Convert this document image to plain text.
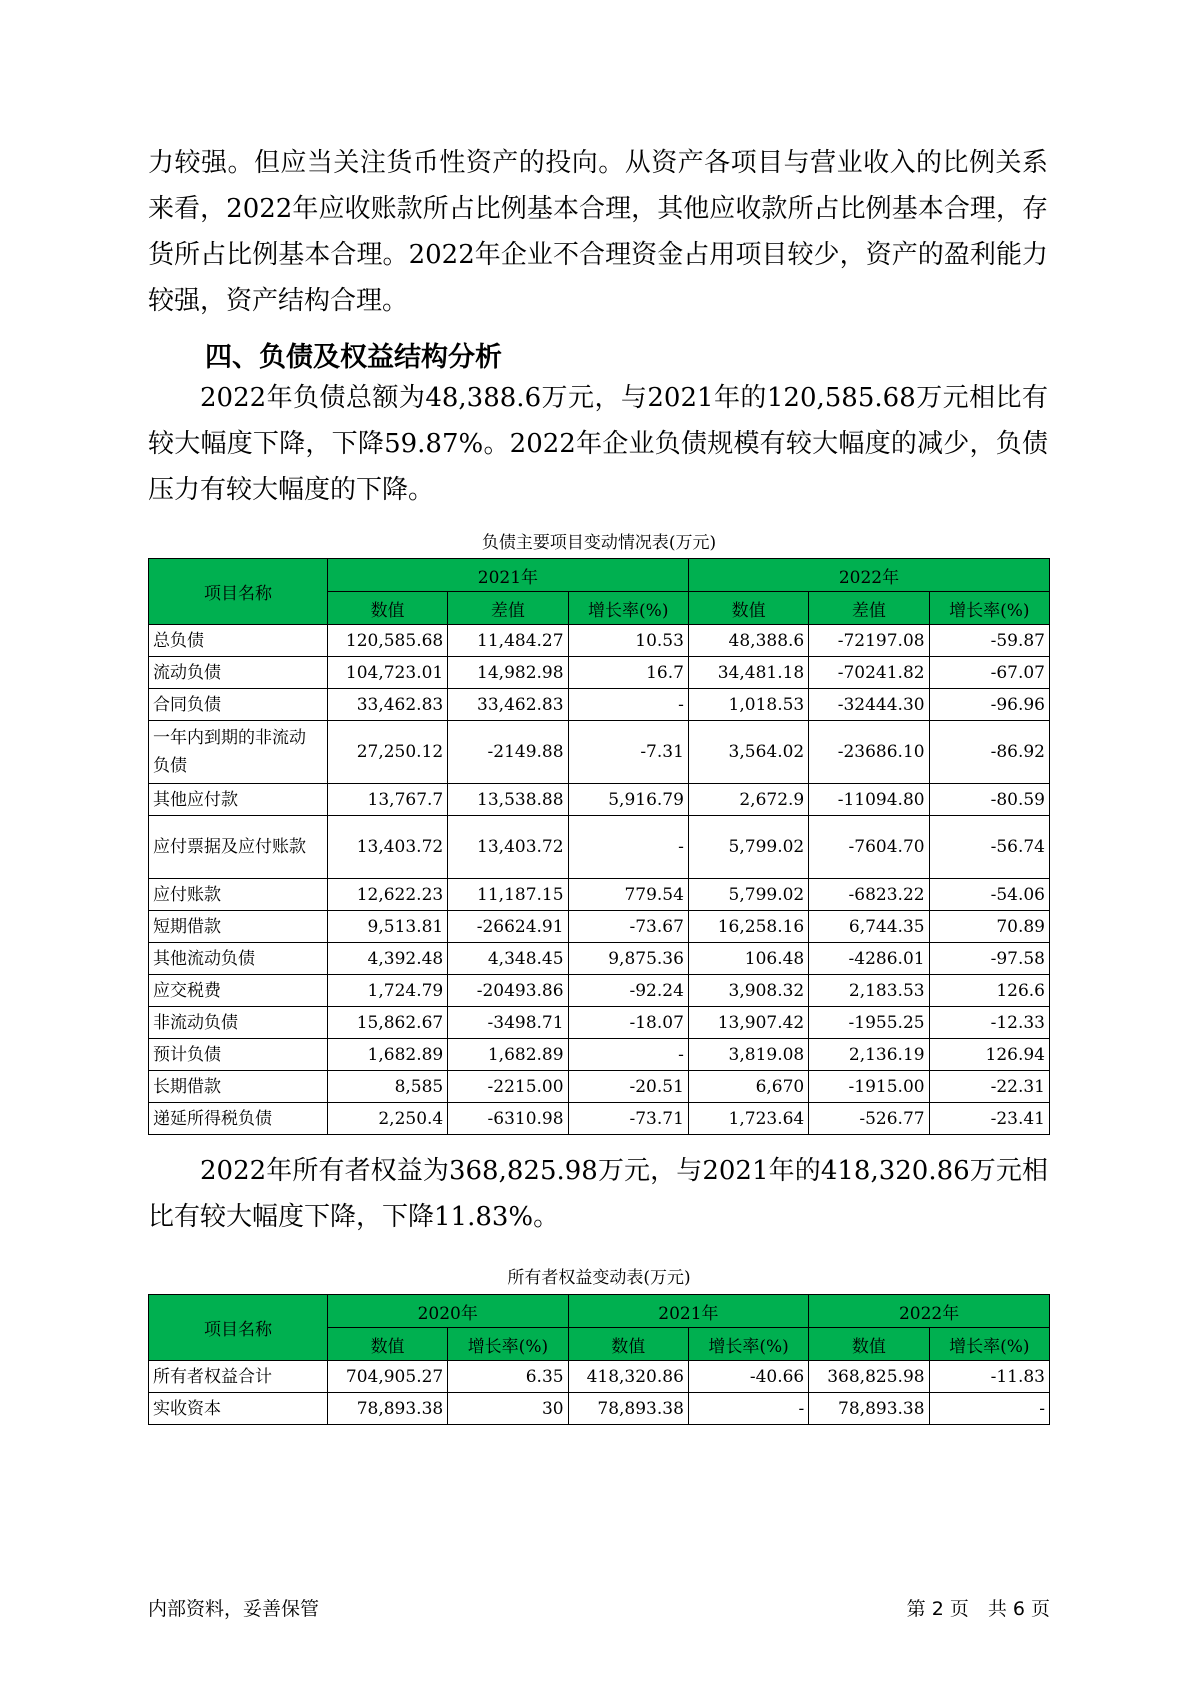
力较强。但应当关注货币性资产的投向。从资产各项目与营业收入的比例关系来看，2022年应收账款所占比例基本合理，其他应收款所占比例基本合理，存货所占比例基本合理。2022年企业不合理资金占用项目较少，资产的盈利能力较强，资产结构合理。

四、负债及权益结构分析

2022年负债总额为48,388.6万元，与2021年的120,585.68万元相比有较大幅度下降，下降59.87%。2022年企业负债规模有较大幅度的减少，负债压力有较大幅度的下降。

负债主要项目变动情况表(万元)

项目名称	2021年			2022年		
	数值	差值	增长率(%)	数值	差值	增长率(%)
总负债	120,585.68	11,484.27	10.53	48,388.6	-72197.08	-59.87
流动负债	104,723.01	14,982.98	16.7	34,481.18	-70241.82	-67.07
合同负债	33,462.83	33,462.83	-	1,018.53	-32444.30	-96.96
一年内到期的非流动负债	27,250.12	-2149.88	-7.31	3,564.02	-23686.10	-86.92
其他应付款	13,767.7	13,538.88	5,916.79	2,672.9	-11094.80	-80.59
应付票据及应付账款	13,403.72	13,403.72	-	5,799.02	-7604.70	-56.74
应付账款	12,622.23	11,187.15	779.54	5,799.02	-6823.22	-54.06
短期借款	9,513.81	-26624.91	-73.67	16,258.16	6,744.35	70.89
其他流动负债	4,392.48	4,348.45	9,875.36	106.48	-4286.01	-97.58
应交税费	1,724.79	-20493.86	-92.24	3,908.32	2,183.53	126.6
非流动负债	15,862.67	-3498.71	-18.07	13,907.42	-1955.25	-12.33
预计负债	1,682.89	1,682.89	-	3,819.08	2,136.19	126.94
长期借款	8,585	-2215.00	-20.51	6,670	-1915.00	-22.31
递延所得税负债	2,250.4	-6310.98	-73.71	1,723.64	-526.77	-23.41

2022年所有者权益为368,825.98万元，与2021年的418,320.86万元相比有较大幅度下降，下降11.83%。

所有者权益变动表(万元)

项目名称	2020年		2021年		2022年	
	数值	增长率(%)	数值	增长率(%)	数值	增长率(%)
所有者权益合计	704,905.27	6.35	418,320.86	-40.66	368,825.98	-11.83
实收资本	78,893.38	30	78,893.38	-	78,893.38	-

内部资料，妥善保管	第 2 页　共 6 页
